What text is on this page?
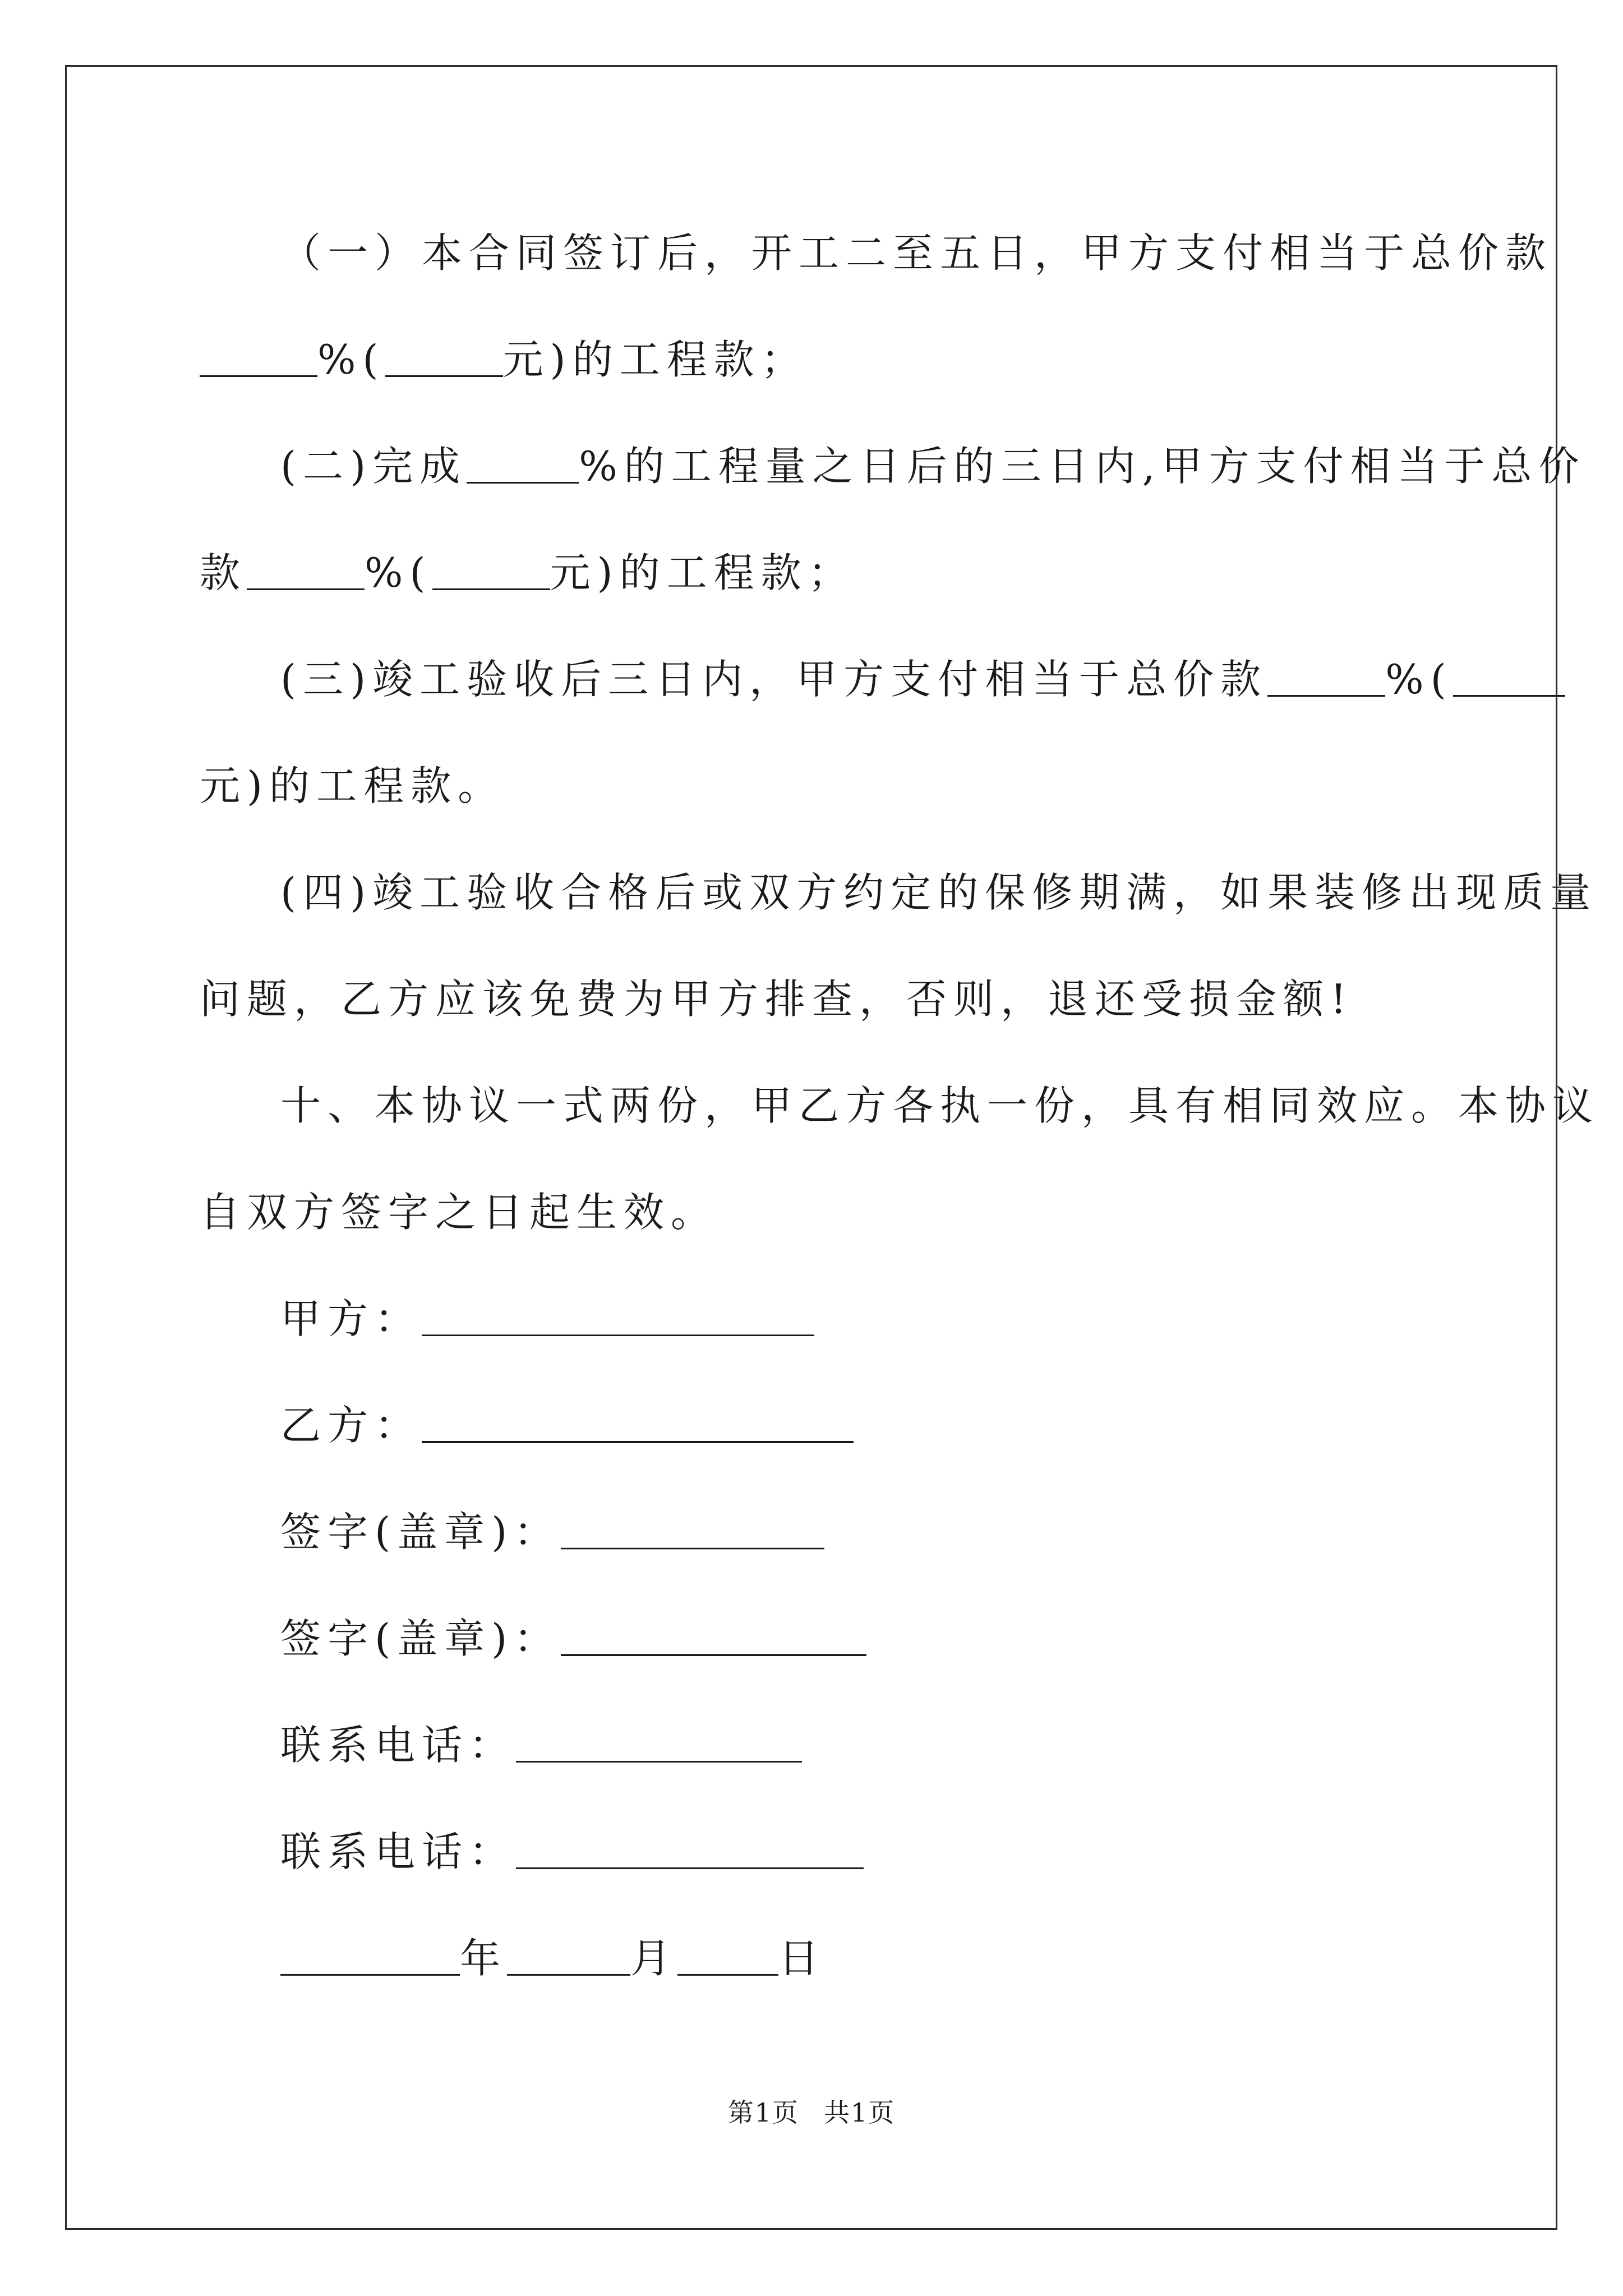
（一）本合同签订后，开工二至五日，甲方支付相当于总价款
%(	元)的工程款；
(二)完成	%的工程量之日后的三日内,甲方支付相当于总价
款	%(	元)的工程款；
(三)竣工验收后三日内，甲方支付相当于总价款	%(
元)的工程款。
(四)竣工验收合格后或双方约定的保修期满，如果装修出现质量
问题，乙方应该免费为甲方排查，否则，退还受损金额!
十、本协议一式两份，甲乙方各执一份，具有相同效应。本协议
自双方签字之日起生效。
甲方：
乙方：
签字(盖章)：
签字(盖章)：
联系电话：
联系电话：
年	月	日
第1页 共1页
